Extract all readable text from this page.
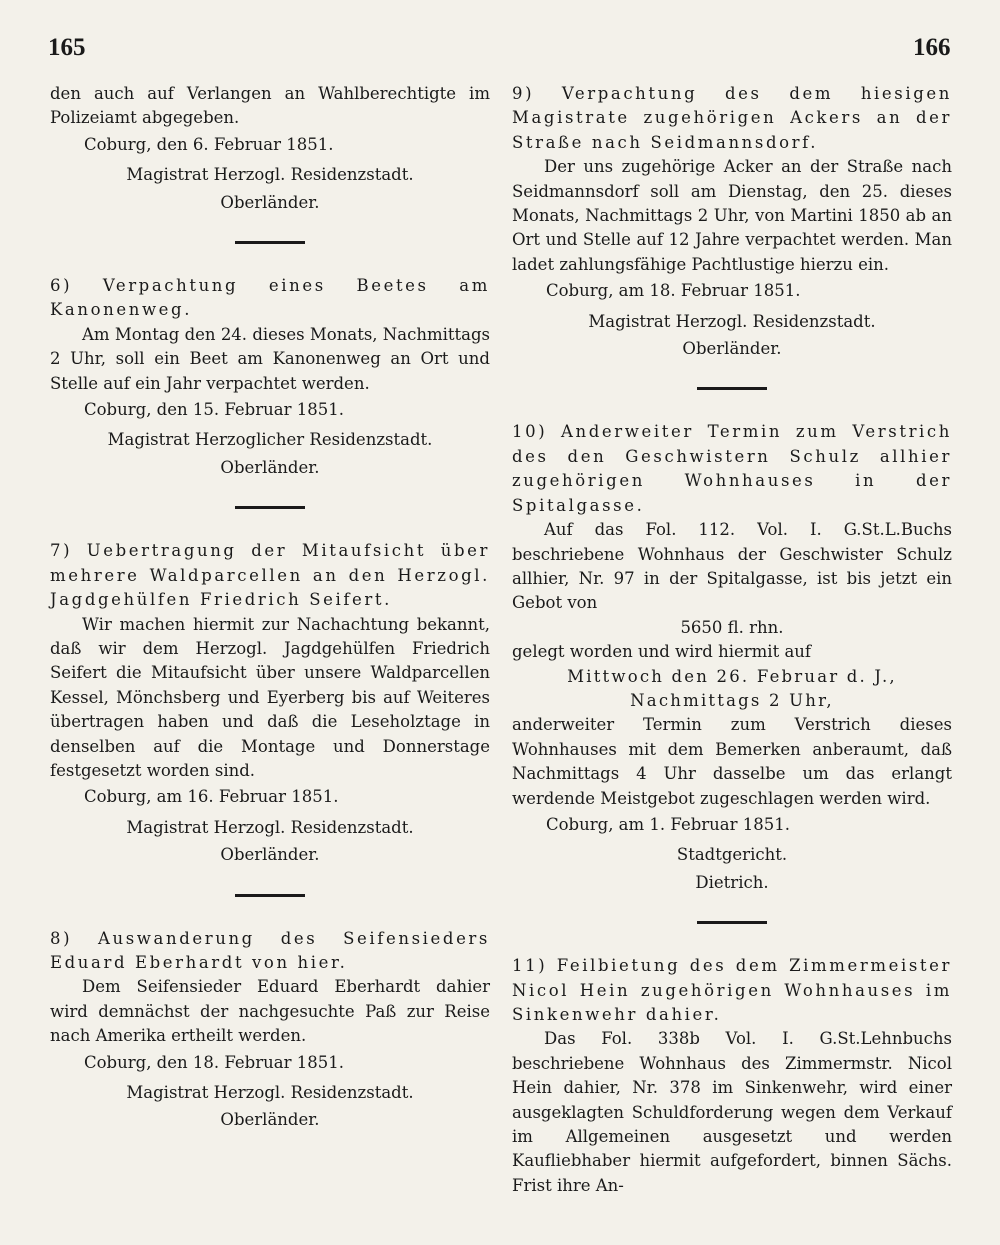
165	166

den auch auf Verlangen an Wahlberechtigte im Polizeiamt abgegeben.

Coburg, den 6. Februar 1851.

Magistrat Herzogl. Residenzstadt.

Oberländer.

6) Verpachtung eines Beetes am Kanonenweg.

Am Montag den 24. dieses Monats, Nachmittags 2 Uhr, soll ein Beet am Kanonenweg an Ort und Stelle auf ein Jahr verpachtet werden.

Coburg, den 15. Februar 1851.

Magistrat Herzoglicher Residenzstadt.

Oberländer.

7) Uebertragung der Mitaufsicht über mehrere Waldparcellen an den Herzogl. Jagdgehülfen Friedrich Seifert.

Wir machen hiermit zur Nachachtung bekannt, daß wir dem Herzogl. Jagdgehülfen Friedrich Seifert die Mitaufsicht über unsere Waldparcellen Kessel, Mönchsberg und Eyerberg bis auf Weiteres übertragen haben und daß die Leseholztage in denselben auf die Montage und Donnerstage festgesetzt worden sind.

Coburg, am 16. Februar 1851.

Magistrat Herzogl. Residenzstadt.

Oberländer.

8) Auswanderung des Seifensieders Eduard Eberhardt von hier.

Dem Seifensieder Eduard Eberhardt dahier wird demnächst der nachgesuchte Paß zur Reise nach Amerika ertheilt werden.

Coburg, den 18. Februar 1851.

Magistrat Herzogl. Residenzstadt.

Oberländer.

9) Verpachtung des dem hiesigen Magistrate zugehörigen Ackers an der Straße nach Seidmannsdorf.

Der uns zugehörige Acker an der Straße nach Seidmannsdorf soll am Dienstag, den 25. dieses Monats, Nachmittags 2 Uhr, von Martini 1850 ab an Ort und Stelle auf 12 Jahre verpachtet werden. Man ladet zahlungsfähige Pachtlustige hierzu ein.

Coburg, am 18. Februar 1851.

Magistrat Herzogl. Residenzstadt.

Oberländer.

10) Anderweiter Termin zum Verstrich des den Geschwistern Schulz allhier zugehörigen Wohnhauses in der Spitalgasse.

Auf das Fol. 112. Vol. I. G.St.L.Buchs beschriebene Wohnhaus der Geschwister Schulz allhier, Nr. 97 in der Spitalgasse, ist bis jetzt ein Gebot von

5650 fl. rhn.

gelegt worden und wird hiermit auf

Mittwoch den 26. Februar d. J.,

Nachmittags 2 Uhr,

anderweiter Termin zum Verstrich dieses Wohnhauses mit dem Bemerken anberaumt, daß Nachmittags 4 Uhr dasselbe um das erlangt werdende Meistgebot zugeschlagen werden wird.

Coburg, am 1. Februar 1851.

Stadtgericht.

Dietrich.

11) Feilbietung des dem Zimmermeister Nicol Hein zugehörigen Wohnhauses im Sinkenwehr dahier.

Das Fol. 338b Vol. I. G.St.Lehnbuchs beschriebene Wohnhaus des Zimmermstr. Nicol Hein dahier, Nr. 378 im Sinkenwehr, wird einer ausgeklagten Schuldforderung wegen dem Verkauf im Allgemeinen ausgesetzt und werden Kaufliebhaber hiermit aufgefordert, binnen Sächs. Frist ihre An-
